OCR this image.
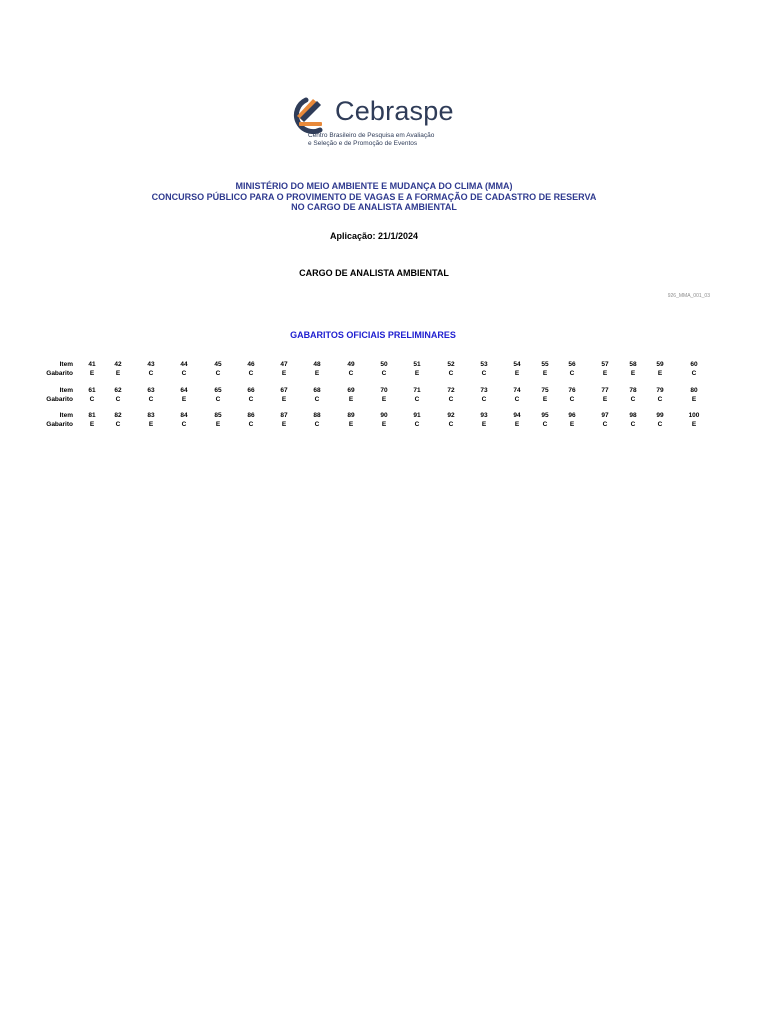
Cebraspe
Centro Brasileiro de Pesquisa em Avaliação
e Seleção e de Promoção de Eventos
MINISTÉRIO DO MEIO AMBIENTE E MUDANÇA DO CLIMA (MMA)
CONCURSO PÚBLICO PARA O PROVIMENTO DE VAGAS E A FORMAÇÃO DE CADASTRO DE RESERVA
NO CARGO DE ANALISTA AMBIENTAL
Aplicação: 21/1/2024
CARGO DE ANALISTA AMBIENTAL
926_MMA_001_03
GABARITOS OFICIAIS PRELIMINARES
Item
Gabarito
41
E
42
E
43
C
44
C
45
C
46
C
47
E
48
E
49
C
50
C
51
E
52
C
53
C
54
E
55
E
56
C
57
E
58
E
59
E
60
C
Item
Gabarito
61
C
62
C
63
C
64
E
65
C
66
C
67
E
68
C
69
E
70
E
71
C
72
C
73
C
74
C
75
E
76
C
77
E
78
C
79
C
80
E
Item
Gabarito
81
E
82
C
83
E
84
C
85
E
86
C
87
E
88
C
89
E
90
E
91
C
92
C
93
E
94
E
95
C
96
E
97
C
98
C
99
C
100
E
